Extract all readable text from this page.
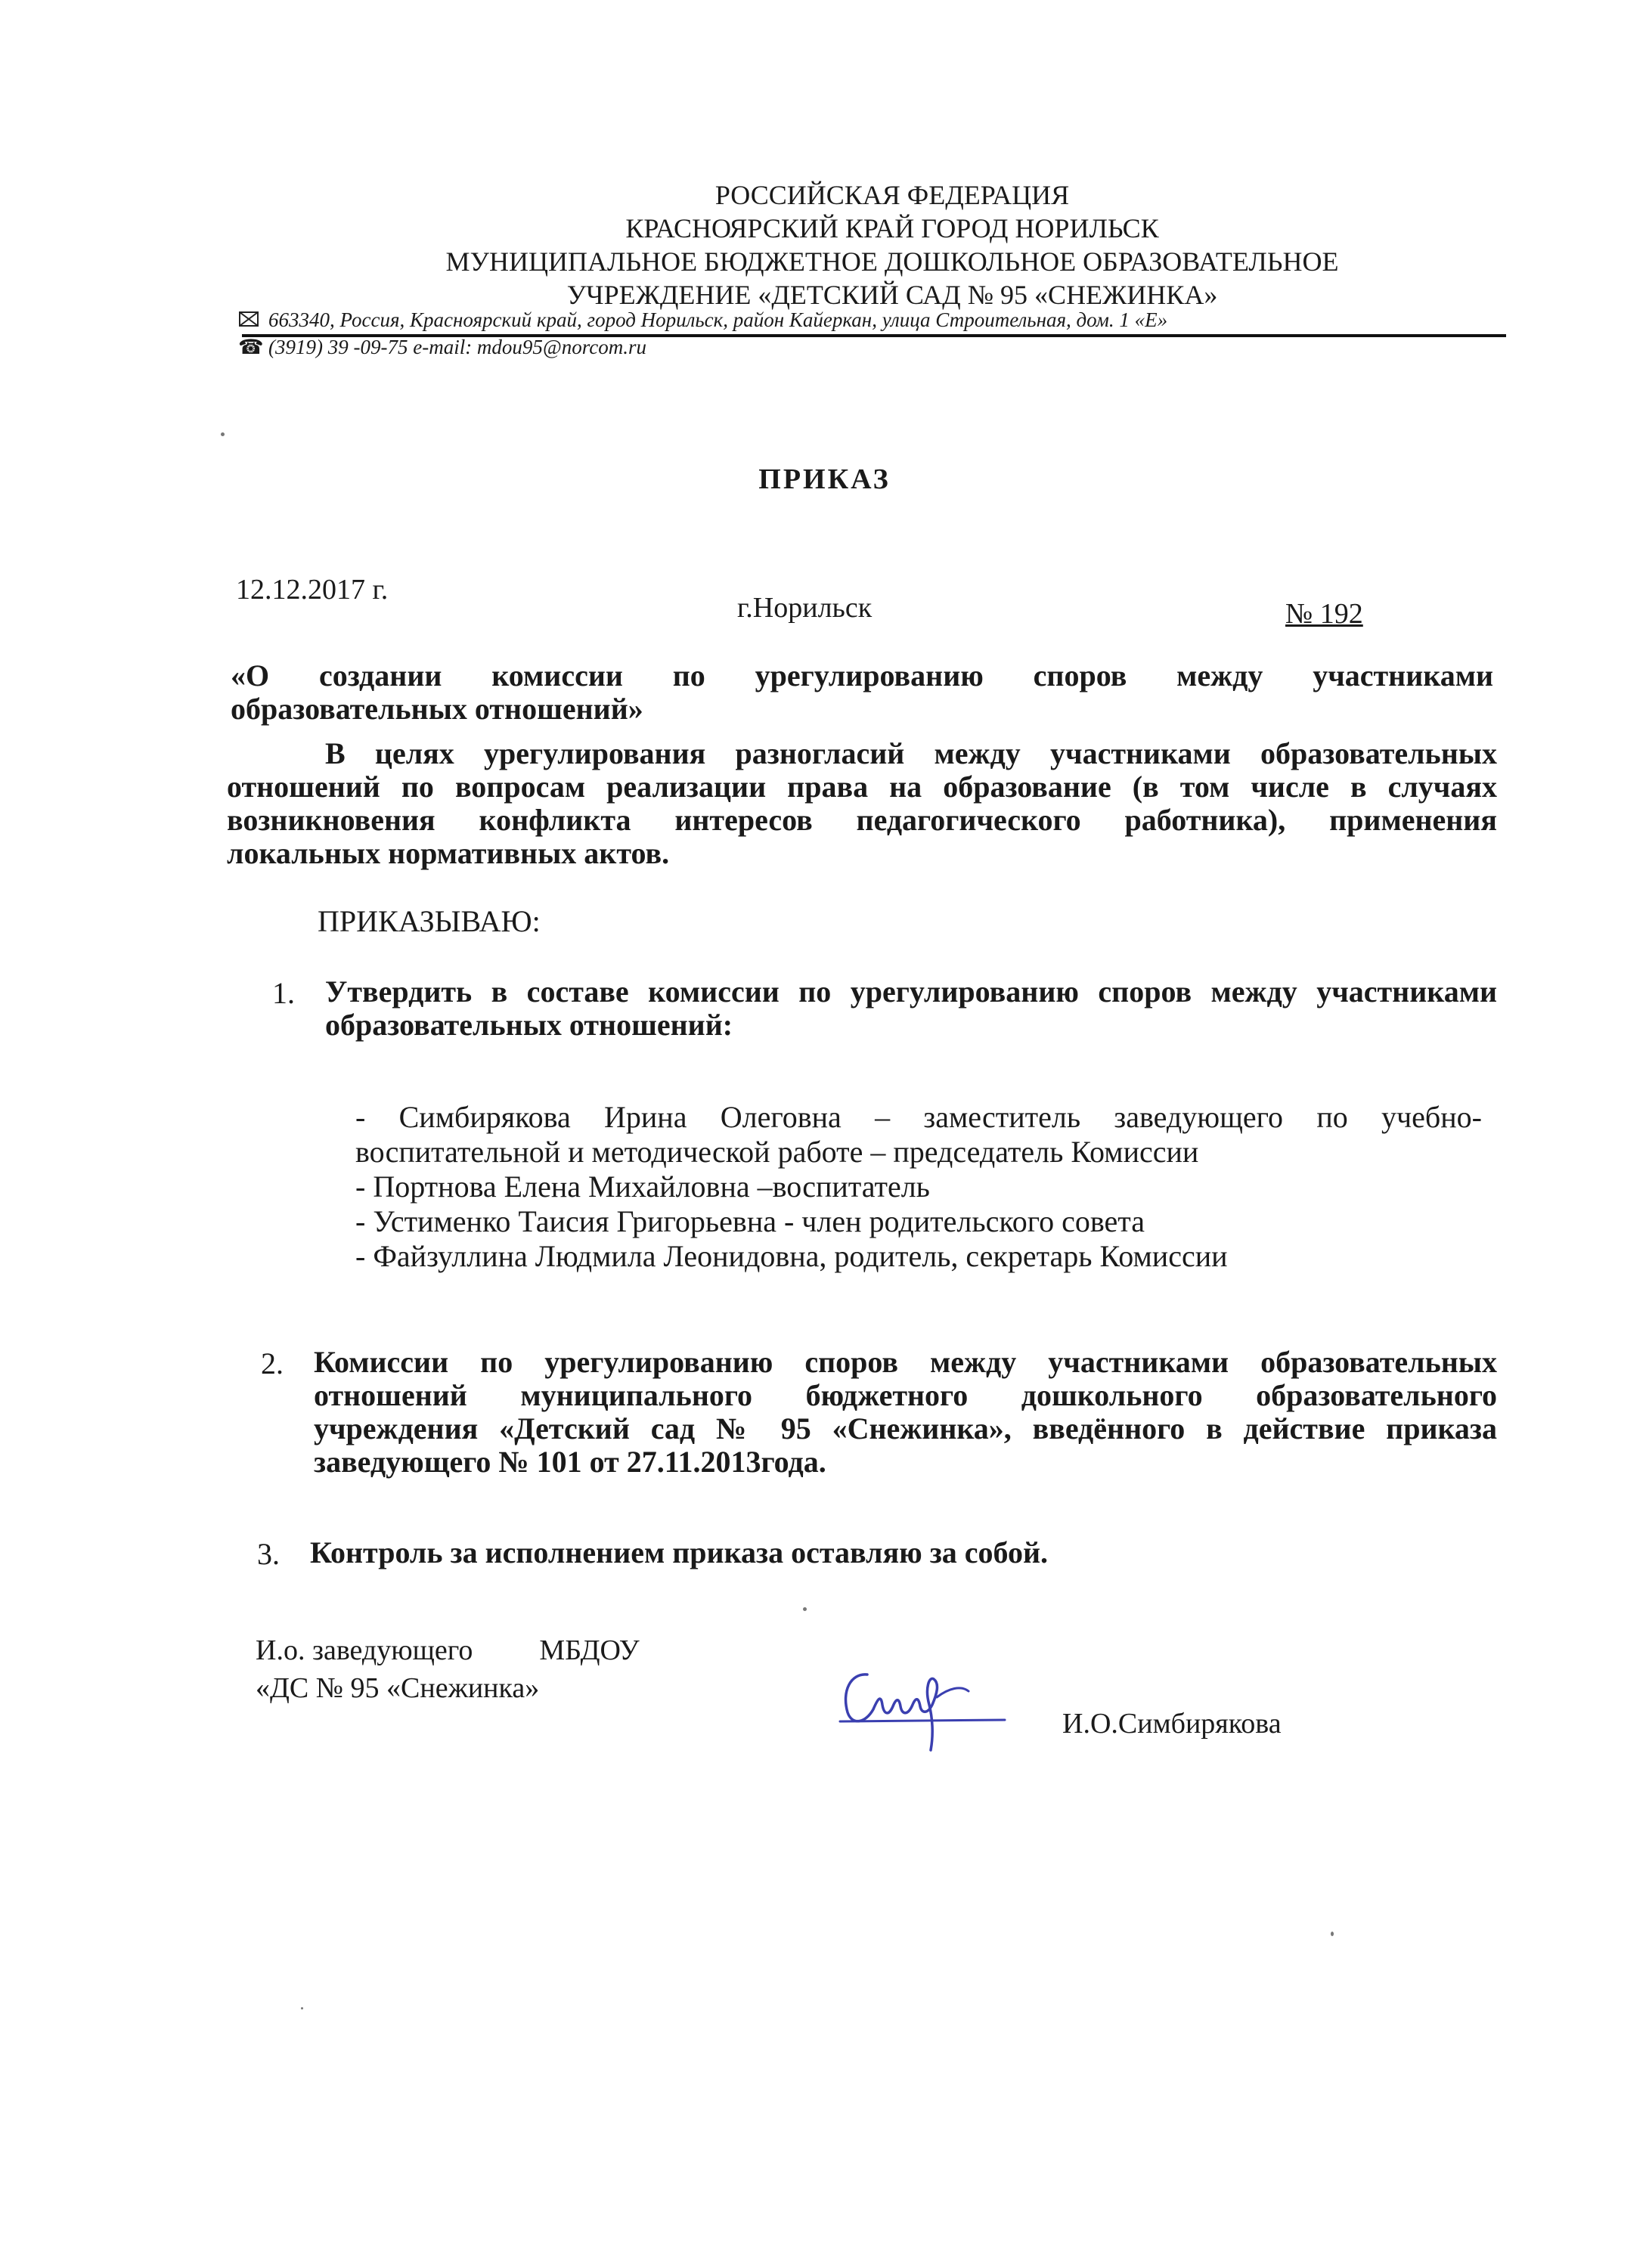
РОССИЙСКАЯ ФЕДЕРАЦИЯ
КРАСНОЯРСКИЙ КРАЙ ГОРОД НОРИЛЬСК
МУНИЦИПАЛЬНОЕ БЮДЖЕТНОЕ ДОШКОЛЬНОЕ ОБРАЗОВАТЕЛЬНОЕ
УЧРЕЖДЕНИЕ «ДЕТСКИЙ САД № 95 «СНЕЖИНКА»
663340, Россия, Красноярский край, город Норильск, район Кайеркан, улица Строительная, дом. 1 «Е»
☎ (3919) 39 -09-75 e-mail: mdou95@norcom.ru
ПРИКАЗ
12.12.2017 г.
г.Норильск	№ 192
«О создании комиссии по урегулированию споров между участниками
образовательных отношений»
В целях урегулирования разногласий между участниками образовательных
отношений по вопросам реализации права на образование (в том числе в случаях
возникновения конфликта интересов педагогического работника), применения
локальных нормативных актов.
ПРИКАЗЫВАЮ:
1. Утвердить в составе комиссии по урегулированию споров между участниками
образовательных отношений:
- Симбирякова Ирина Олеговна – заместитель заведующего по учебно-
воспитательной и методической работе – председатель Комиссии
- Портнова Елена Михайловна –воспитатель
- Устименко Таисия Григорьевна - член родительского совета
- Файзуллина Людмила Леонидовна, родитель, секретарь Комиссии
2. Комиссии по урегулированию споров между участниками образовательных
отношений муниципального бюджетного дошкольного образовательного
учреждения «Детский сад № 95 «Снежинка», введённого в действие приказа
заведующего № 101 от 27.11.2013года.
3. Контроль за исполнением приказа оставляю за собой.
И.о. заведующего МБДОУ
«ДС № 95 «Снежинка»
И.О.Симбирякова
